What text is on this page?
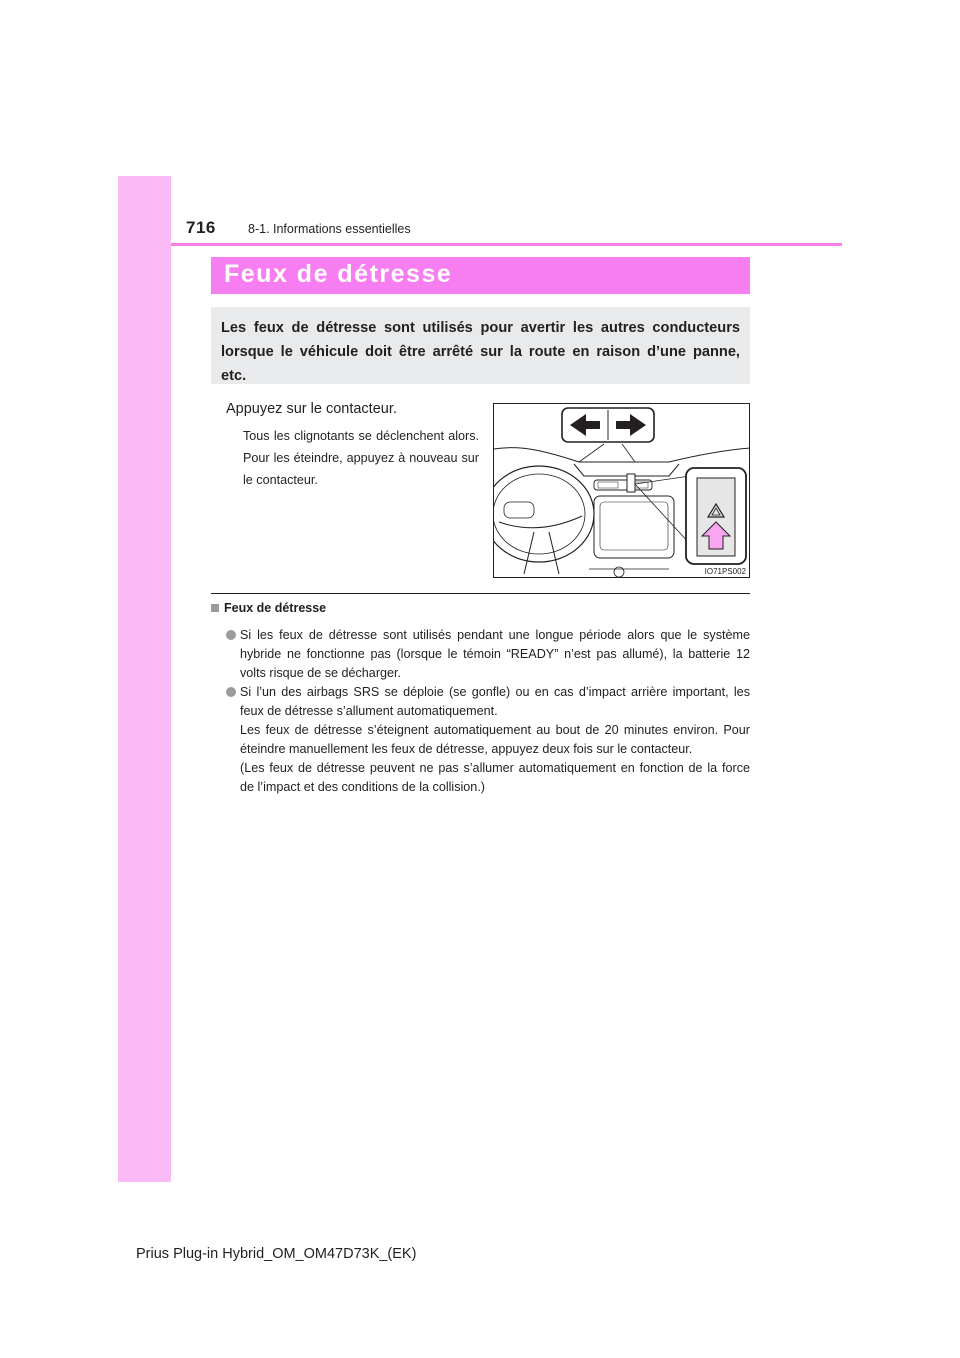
716	8-1. Informations essentielles
Feux de détresse
Les feux de détresse sont utilisés pour avertir les autres conducteurs lorsque le véhicule doit être arrêté sur la route en raison d’une panne, etc.
Appuyez sur le contacteur.
Tous les clignotants se déclenchent alors. Pour les éteindre, appuyez à nouveau sur le contacteur.
IO71PS002
Feux de détresse

Si les feux de détresse sont utilisés pendant une longue période alors que le système hybride ne fonctionne pas (lorsque le témoin “READY” n’est pas allumé), la batterie 12 volts risque de se décharger.

Si l’un des airbags SRS se déploie (se gonfle) ou en cas d’impact arrière important, les feux de détresse s’allument automatiquement.

Les feux de détresse s’éteignent automatiquement au bout de 20 minutes environ. Pour éteindre manuellement les feux de détresse, appuyez deux fois sur le contacteur.

(Les feux de détresse peuvent ne pas s’allumer automatiquement en fonction de la force de l’impact et des conditions de la collision.)

Prius Plug-in Hybrid_OM_OM47D73K_(EK)
